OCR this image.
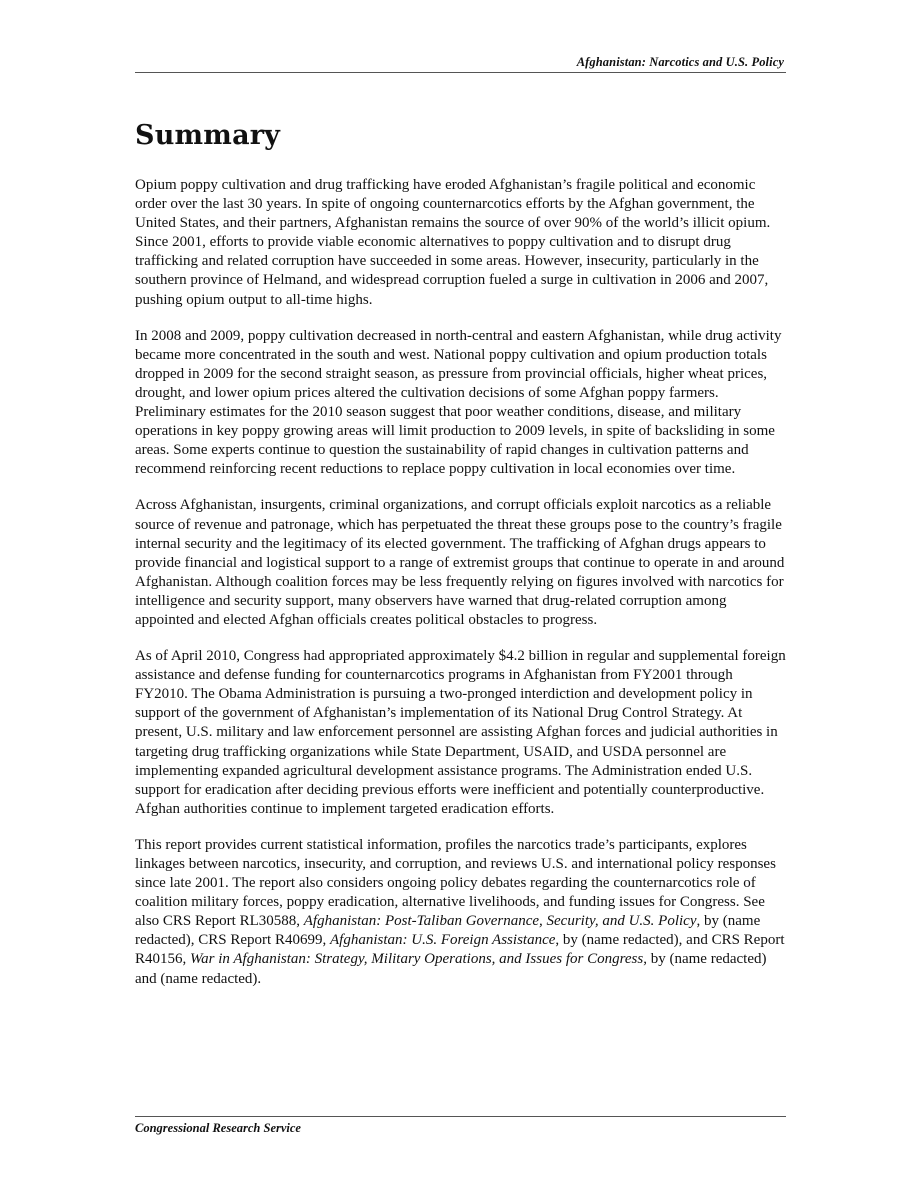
Afghanistan: Narcotics and U.S. Policy
Summary

Opium poppy cultivation and drug trafficking have eroded Afghanistan’s fragile political and economic order over the last 30 years. In spite of ongoing counternarcotics efforts by the Afghan government, the United States, and their partners, Afghanistan remains the source of over 90% of the world’s illicit opium. Since 2001, efforts to provide viable economic alternatives to poppy cultivation and to disrupt drug trafficking and related corruption have succeeded in some areas. However, insecurity, particularly in the southern province of Helmand, and widespread corruption fueled a surge in cultivation in 2006 and 2007, pushing opium output to all-time highs.

In 2008 and 2009, poppy cultivation decreased in north-central and eastern Afghanistan, while drug activity became more concentrated in the south and west. National poppy cultivation and opium production totals dropped in 2009 for the second straight season, as pressure from provincial officials, higher wheat prices, drought, and lower opium prices altered the cultivation decisions of some Afghan poppy farmers. Preliminary estimates for the 2010 season suggest that poor weather conditions, disease, and military operations in key poppy growing areas will limit production to 2009 levels, in spite of backsliding in some areas. Some experts continue to question the sustainability of rapid changes in cultivation patterns and recommend reinforcing recent reductions to replace poppy cultivation in local economies over time.

Across Afghanistan, insurgents, criminal organizations, and corrupt officials exploit narcotics as a reliable source of revenue and patronage, which has perpetuated the threat these groups pose to the country’s fragile internal security and the legitimacy of its elected government. The trafficking of Afghan drugs appears to provide financial and logistical support to a range of extremist groups that continue to operate in and around Afghanistan. Although coalition forces may be less frequently relying on figures involved with narcotics for intelligence and security support, many observers have warned that drug-related corruption among appointed and elected Afghan officials creates political obstacles to progress.

As of April 2010, Congress had appropriated approximately $4.2 billion in regular and supplemental foreign assistance and defense funding for counternarcotics programs in Afghanistan from FY2001 through FY2010. The Obama Administration is pursuing a two-pronged interdiction and development policy in support of the government of Afghanistan’s implementation of its National Drug Control Strategy. At present, U.S. military and law enforcement personnel are assisting Afghan forces and judicial authorities in targeting drug trafficking organizations while State Department, USAID, and USDA personnel are implementing expanded agricultural development assistance programs. The Administration ended U.S. support for eradication after deciding previous efforts were inefficient and potentially counterproductive. Afghan authorities continue to implement targeted eradication efforts.

This report provides current statistical information, profiles the narcotics trade’s participants, explores linkages between narcotics, insecurity, and corruption, and reviews U.S. and international policy responses since late 2001. The report also considers ongoing policy debates regarding the counternarcotics role of coalition military forces, poppy eradication, alternative livelihoods, and funding issues for Congress. See also CRS Report RL30588, Afghanistan: Post-Taliban Governance, Security, and U.S. Policy, by (name redacted), CRS Report R40699, Afghanistan: U.S. Foreign Assistance, by (name redacted), and CRS Report R40156, War in Afghanistan: Strategy, Military Operations, and Issues for Congress, by (name redacted) and (name redacted).

Congressional Research Service
